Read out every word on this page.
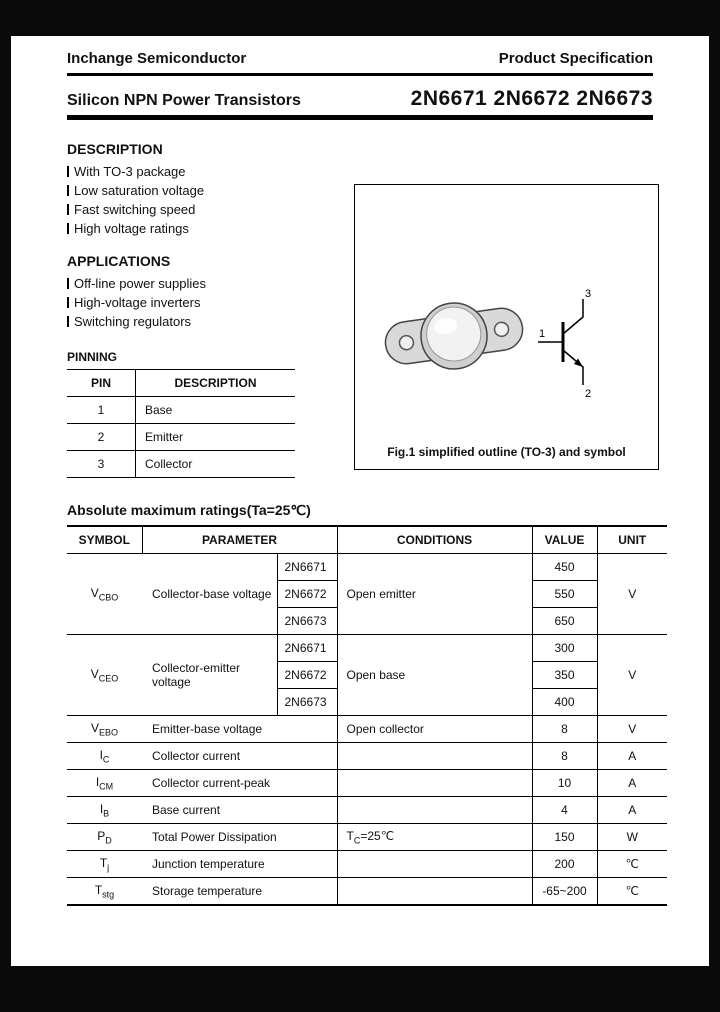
Inchange Semiconductor	Product Specification
Silicon NPN Power Transistors	2N6671 2N6672 2N6673
DESCRIPTION
With TO-3 package
Low saturation voltage
Fast switching speed
High voltage ratings
APPLICATIONS
Off-line power supplies
High-voltage inverters
Switching regulators
PINNING
PIN	DESCRIPTION
1	Base
2	Emitter
3	Collector
Absolute maximum ratings(Ta=25℃)
SYMBOL	PARAMETER		CONDITIONS	VALUE	UNIT
$V_{CBO}$	Collector-base voltage	2N6671	Open emitter	450	V
		2N6672		550	
		2N6673		650	
$V_{CEO}$	Collector-emitter voltage	2N6671	Open base	300	V
		2N6672		350	
		2N6673		400	
$V_{EBO}$	Emitter-base voltage		Open collector	8	V
$I_C$	Collector current			8	A
$I_{CM}$	Collector current-peak			10	A
$I_B$	Base current			4	A
$P_D$	Total Power Dissipation		$T_C=25℃$	150	W
$T_j$	Junction temperature			200	℃
$T_{stg}$	Storage temperature			-65~200	℃
3
1
2
Fig.1 simplified outline (TO-3) and symbol
